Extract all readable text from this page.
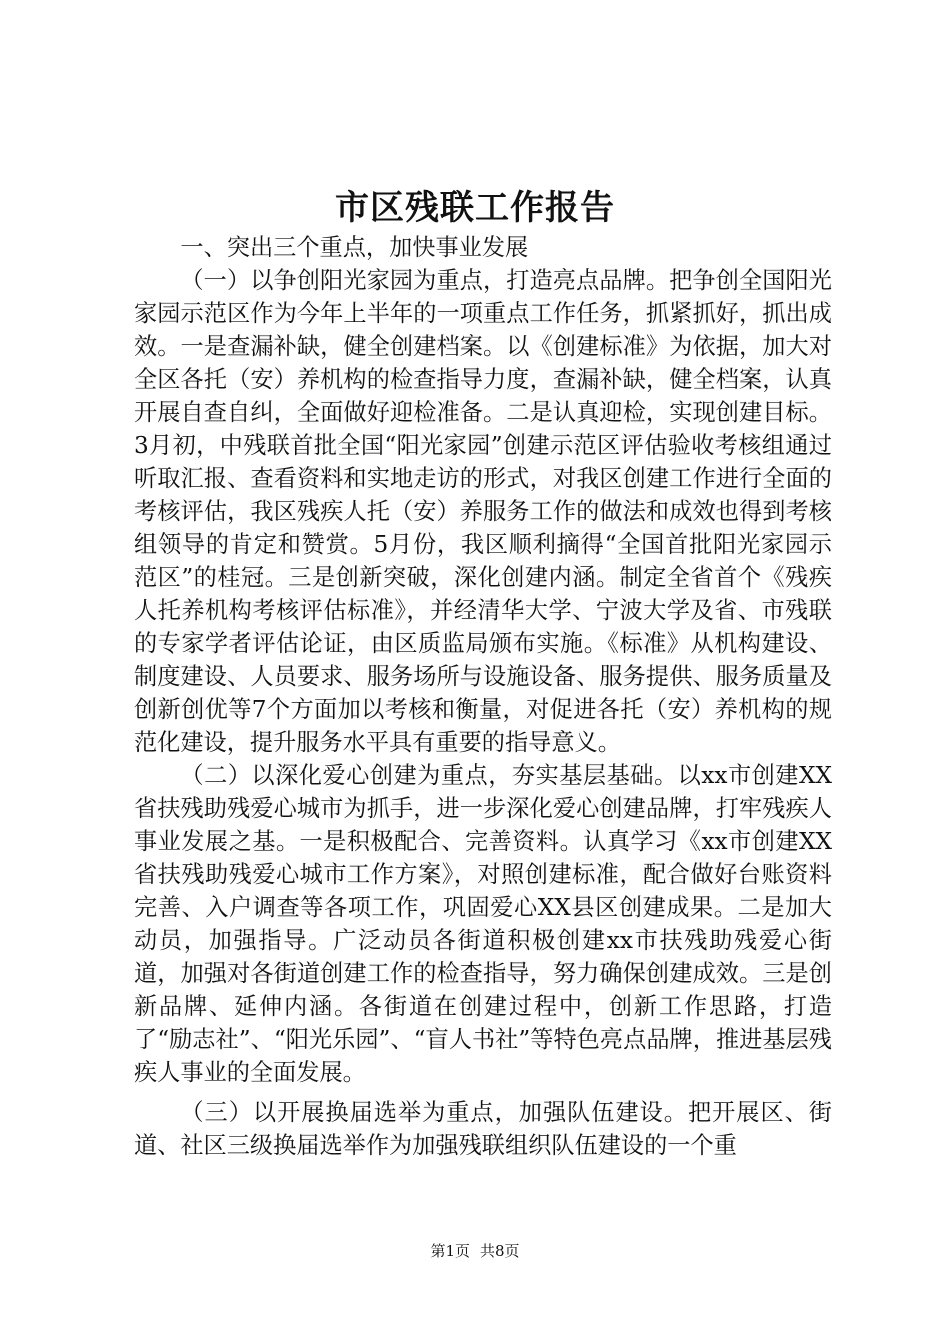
市区残联工作报告

一、突出三个重点，加快事业发展

（一）以争创阳光家园为重点，打造亮点品牌。把争创全国阳光家园示范区作为今年上半年的一项重点工作任务，抓紧抓好，抓出成效。一是查漏补缺，健全创建档案。以《创建标准》为依据，加大对全区各托（安）养机构的检查指导力度，查漏补缺，健全档案，认真开展自查自纠，全面做好迎检准备。二是认真迎检，实现创建目标。3月初，中残联首批全国“阳光家园”创建示范区评估验收考核组通过听取汇报、查看资料和实地走访的形式，对我区创建工作进行全面的考核评估，我区残疾人托（安）养服务工作的做法和成效也得到考核组领导的肯定和赞赏。5月份，我区顺利摘得“全国首批阳光家园示范区”的桂冠。三是创新突破，深化创建内涵。制定全省首个《残疾人托养机构考核评估标准》，并经清华大学、宁波大学及省、市残联的专家学者评估论证，由区质监局颁布实施。《标准》从机构建设、制度建设、人员要求、服务场所与设施设备、服务提供、服务质量及创新创优等7个方面加以考核和衡量，对促进各托（安）养机构的规范化建设，提升服务水平具有重要的指导意义。

（二）以深化爱心创建为重点，夯实基层基础。以xx市创建XX省扶残助残爱心城市为抓手，进一步深化爱心创建品牌，打牢残疾人事业发展之基。一是积极配合、完善资料。认真学习《xx市创建XX省扶残助残爱心城市工作方案》，对照创建标准，配合做好台账资料完善、入户调查等各项工作，巩固爱心XX县区创建成果。二是加大动员，加强指导。广泛动员各街道积极创建xx市扶残助残爱心街道，加强对各街道创建工作的检查指导，努力确保创建成效。三是创新品牌、延伸内涵。各街道在创建过程中，创新工作思路，打造了“励志社”、“阳光乐园”、“盲人书社”等特色亮点品牌，推进基层残疾人事业的全面发展。

（三）以开展换届选举为重点，加强队伍建设。把开展区、街道、社区三级换届选举作为加强残联组织队伍建设的一个重

第1页 共8页
